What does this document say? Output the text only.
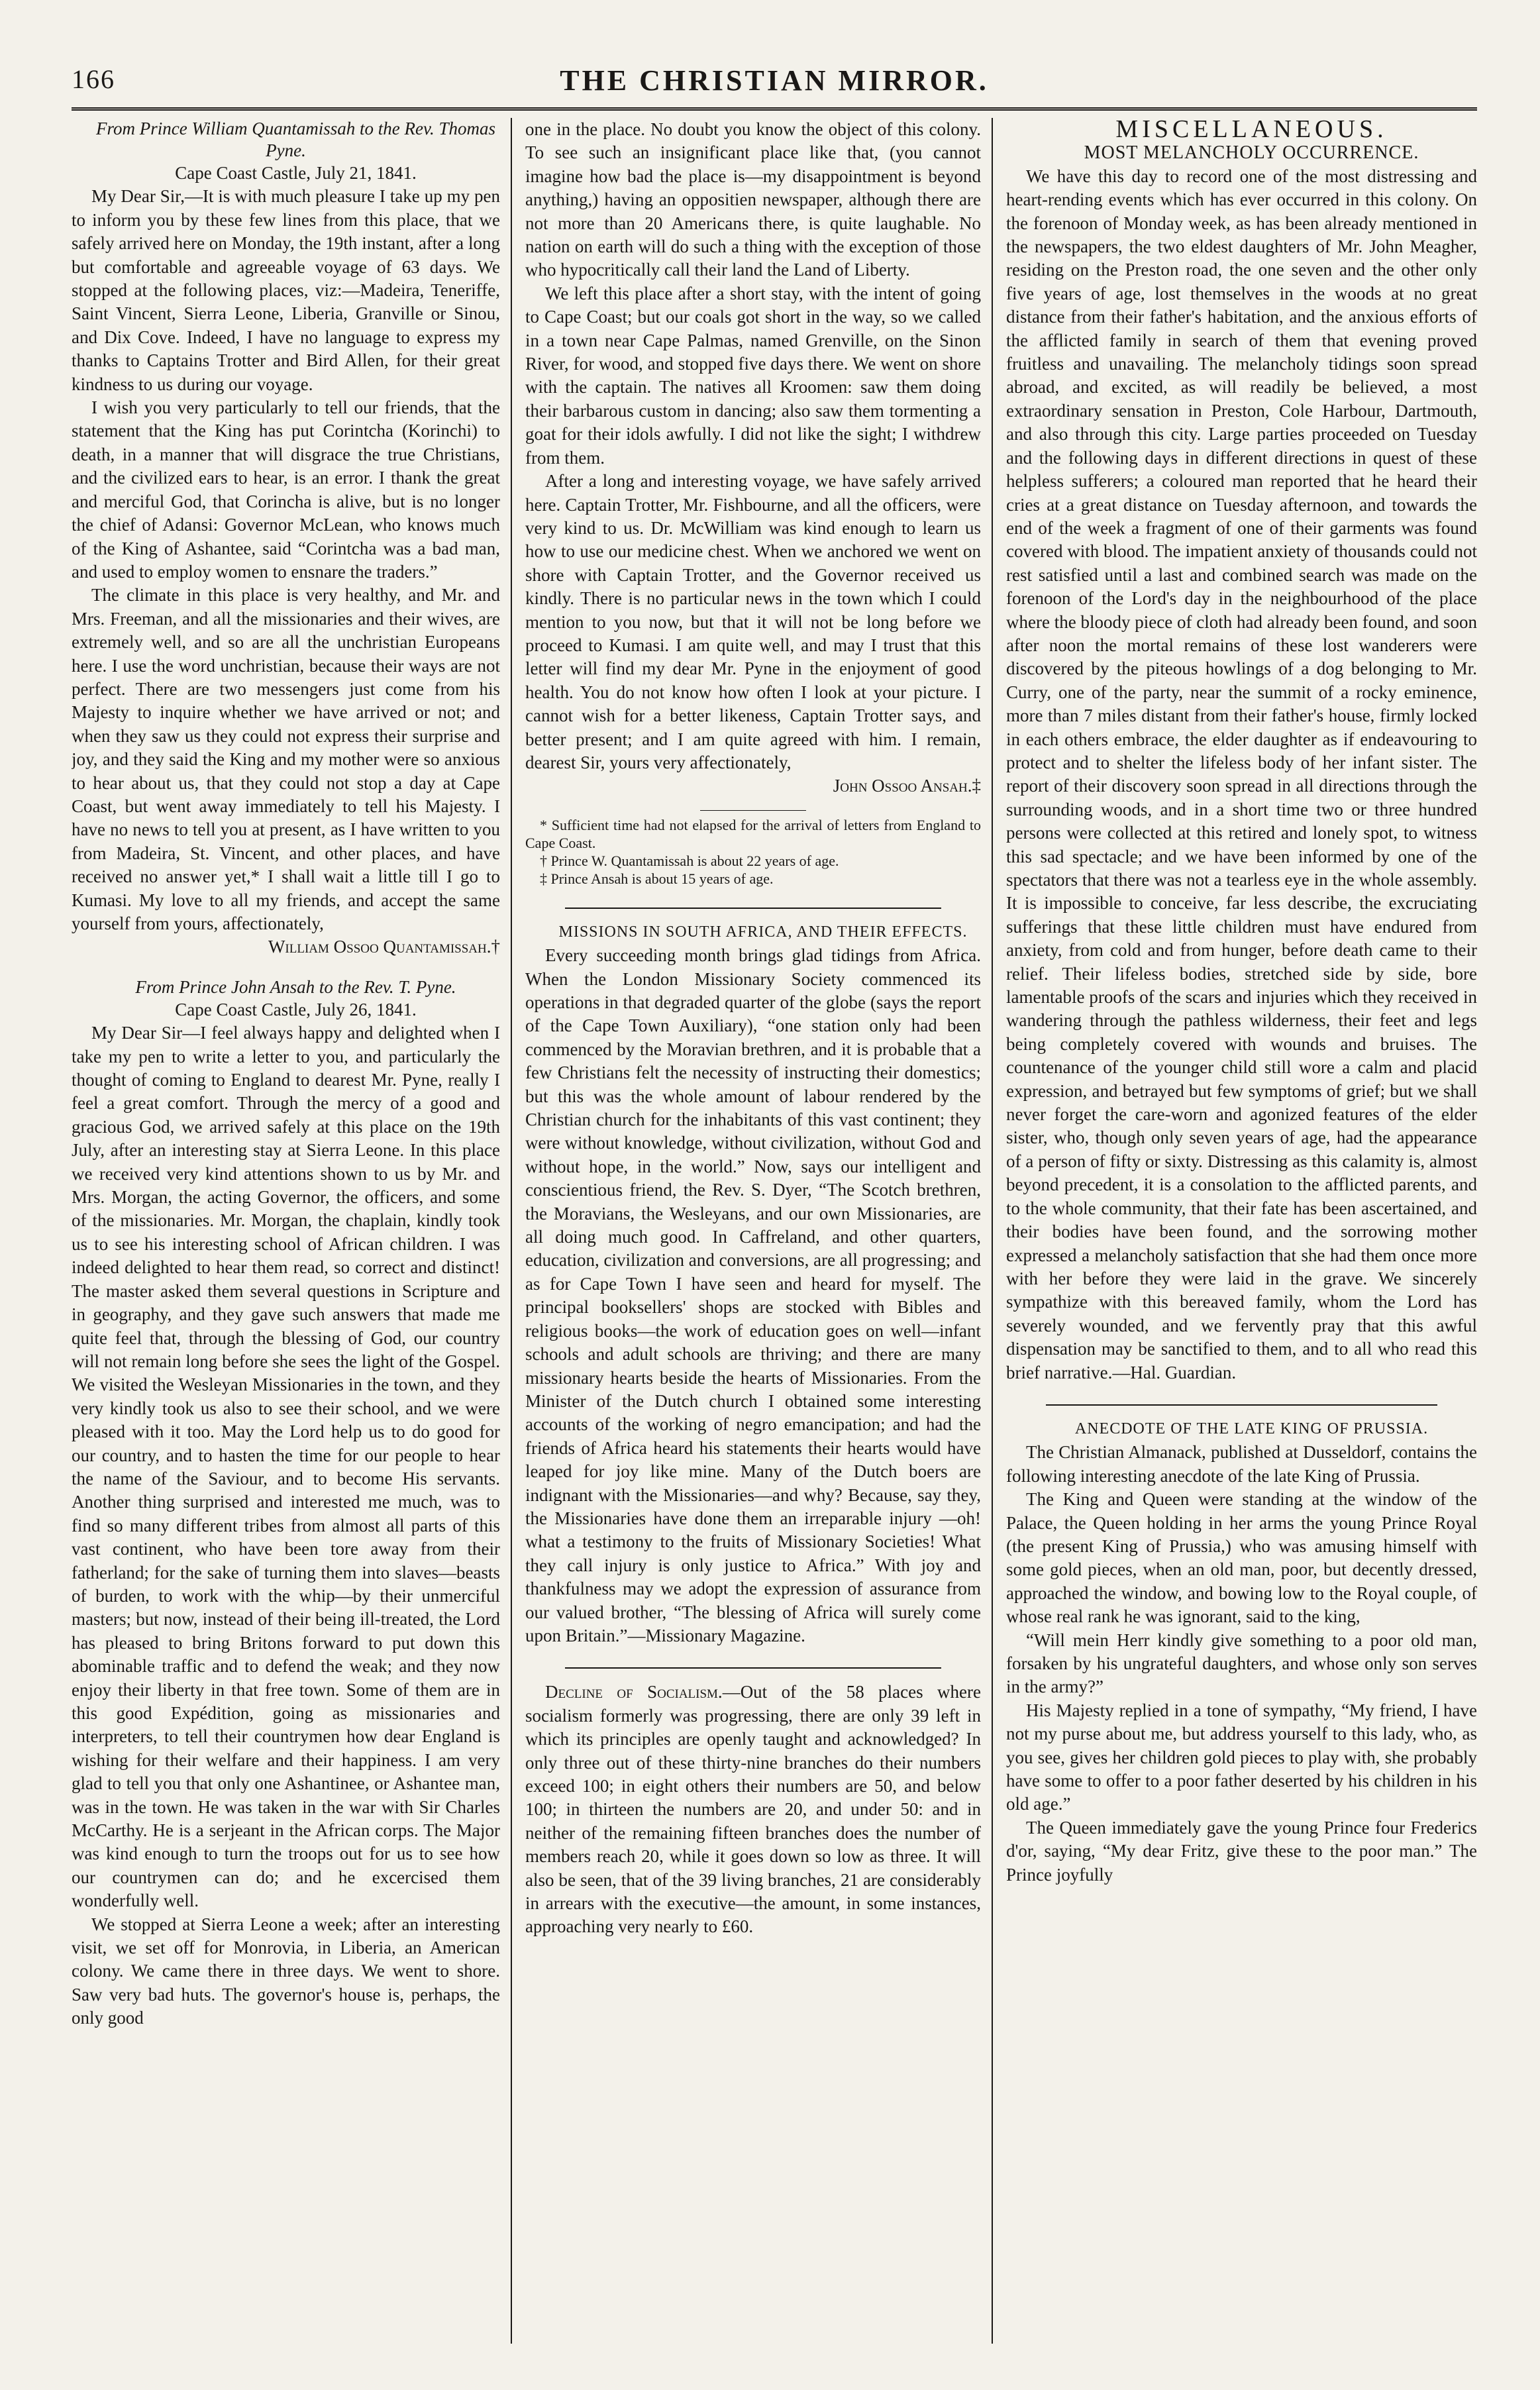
166	THE CHRISTIAN MIRROR.

From Prince William Quantamissah to the Rev. Thomas Pyne.

Cape Coast Castle, July 21, 1841.

My Dear Sir,—It is with much pleasure I take up my pen to inform you by these few lines from this place, that we safely arrived here on Monday, the 19th instant, after a long but comfortable and agreeable voyage of 63 days. We stopped at the following places, viz:—Madeira, Teneriffe, Saint Vincent, Sierra Leone, Liberia, Granville or Sinou, and Dix Cove. Indeed, I have no language to express my thanks to Captains Trotter and Bird Allen, for their great kindness to us during our voyage.

I wish you very particularly to tell our friends, that the statement that the King has put Corintcha (Korinchi) to death, in a manner that will disgrace the true Christians, and the civilized ears to hear, is an error. I thank the great and merciful God, that Corincha is alive, but is no longer the chief of Adansi: Governor McLean, who knows much of the King of Ashantee, said “Corintcha was a bad man, and used to employ women to ensnare the traders.”

The climate in this place is very healthy, and Mr. and Mrs. Freeman, and all the missionaries and their wives, are extremely well, and so are all the unchristian Europeans here. I use the word unchristian, because their ways are not perfect. There are two messengers just come from his Majesty to inquire whether we have arrived or not; and when they saw us they could not express their surprise and joy, and they said the King and my mother were so anxious to hear about us, that they could not stop a day at Cape Coast, but went away immediately to tell his Majesty. I have no news to tell you at present, as I have written to you from Madeira, St. Vincent, and other places, and have received no answer yet,* I shall wait a little till I go to Kumasi. My love to all my friends, and accept the same yourself from yours, affectionately,

William Ossoo Quantamissah.†

From Prince John Ansah to the Rev. T. Pyne.

Cape Coast Castle, July 26, 1841.

My Dear Sir—I feel always happy and delighted when I take my pen to write a letter to you, and particularly the thought of coming to England to dearest Mr. Pyne, really I feel a great comfort. Through the mercy of a good and gracious God, we arrived safely at this place on the 19th July, after an interesting stay at Sierra Leone. In this place we received very kind attentions shown to us by Mr. and Mrs. Morgan, the acting Governor, the officers, and some of the missionaries. Mr. Morgan, the chaplain, kindly took us to see his interesting school of African children. I was indeed delighted to hear them read, so correct and distinct! The master asked them several questions in Scripture and in geography, and they gave such answers that made me quite feel that, through the blessing of God, our country will not remain long before she sees the light of the Gospel. We visited the Wesleyan Missionaries in the town, and they very kindly took us also to see their school, and we were pleased with it too. May the Lord help us to do good for our country, and to hasten the time for our people to hear the name of the Saviour, and to become His servants. Another thing surprised and interested me much, was to find so many different tribes from almost all parts of this vast continent, who have been tore away from their fatherland; for the sake of turning them into slaves—beasts of burden, to work with the whip—by their unmerciful masters; but now, instead of their being ill-treated, the Lord has pleased to bring Britons forward to put down this abominable traffic and to defend the weak; and they now enjoy their liberty in that free town. Some of them are in this good Expédition, going as missionaries and interpreters, to tell their countrymen how dear England is wishing for their welfare and their happiness. I am very glad to tell you that only one Ashantinee, or Ashantee man, was in the town. He was taken in the war with Sir Charles McCarthy. He is a serjeant in the African corps. The Major was kind enough to turn the troops out for us to see how our countrymen can do; and he excercised them wonderfully well.

We stopped at Sierra Leone a week; after an interesting visit, we set off for Monrovia, in Liberia, an American colony. We came there in three days. We went to shore. Saw very bad huts. The governor's house is, perhaps, the only good

one in the place. No doubt you know the object of this colony. To see such an insignificant place like that, (you cannot imagine how bad the place is—my disappointment is beyond anything,) having an oppositien newspaper, although there are not more than 20 Americans there, is quite laughable. No nation on earth will do such a thing with the exception of those who hypocritically call their land the Land of Liberty.

We left this place after a short stay, with the intent of going to Cape Coast; but our coals got short in the way, so we called in a town near Cape Palmas, named Grenville, on the Sinon River, for wood, and stopped five days there. We went on shore with the captain. The natives all Kroomen: saw them doing their barbarous custom in dancing; also saw them tormenting a goat for their idols awfully. I did not like the sight; I withdrew from them.

After a long and interesting voyage, we have safely arrived here. Captain Trotter, Mr. Fishbourne, and all the officers, were very kind to us. Dr. McWilliam was kind enough to learn us how to use our medicine chest. When we anchored we went on shore with Captain Trotter, and the Governor received us kindly. There is no particular news in the town which I could mention to you now, but that it will not be long before we proceed to Kumasi. I am quite well, and may I trust that this letter will find my dear Mr. Pyne in the enjoyment of good health. You do not know how often I look at your picture. I cannot wish for a better likeness, Captain Trotter says, and better present; and I am quite agreed with him. I remain, dearest Sir, yours very affectionately,

John Ossoo Ansah.‡

* Sufficient time had not elapsed for the arrival of letters from England to Cape Coast.

† Prince W. Quantamissah is about 22 years of age.

‡ Prince Ansah is about 15 years of age.

MISSIONS IN SOUTH AFRICA, AND THEIR EFFECTS.

Every succeeding month brings glad tidings from Africa. When the London Missionary Society commenced its operations in that degraded quarter of the globe (says the report of the Cape Town Auxiliary), “one station only had been commenced by the Moravian brethren, and it is probable that a few Christians felt the necessity of instructing their domestics; but this was the whole amount of labour rendered by the Christian church for the inhabitants of this vast continent; they were without knowledge, without civilization, without God and without hope, in the world.” Now, says our intelligent and conscientious friend, the Rev. S. Dyer, “The Scotch brethren, the Moravians, the Wesleyans, and our own Missionaries, are all doing much good. In Caffreland, and other quarters, education, civilization and conversions, are all progressing; and as for Cape Town I have seen and heard for myself. The principal booksellers' shops are stocked with Bibles and religious books—the work of education goes on well—infant schools and adult schools are thriving; and there are many missionary hearts beside the hearts of Missionaries. From the Minister of the Dutch church I obtained some interesting accounts of the working of negro emancipation; and had the friends of Africa heard his statements their hearts would have leaped for joy like mine. Many of the Dutch boers are indignant with the Missionaries—and why? Because, say they, the Missionaries have done them an irreparable injury —oh! what a testimony to the fruits of Missionary Societies! What they call injury is only justice to Africa.” With joy and thankfulness may we adopt the expression of assurance from our valued brother, “The blessing of Africa will surely come upon Britain.”—Missionary Magazine.

Decline of Socialism.—Out of the 58 places where socialism formerly was progressing, there are only 39 left in which its principles are openly taught and acknowledged? In only three out of these thirty-nine branches do their numbers exceed 100; in eight others their numbers are 50, and below 100; in thirteen the numbers are 20, and under 50: and in neither of the remaining fifteen branches does the number of members reach 20, while it goes down so low as three. It will also be seen, that of the 39 living branches, 21 are considerably in arrears with the executive—the amount, in some instances, approaching very nearly to £60.

MISCELLANEOUS.

MOST MELANCHOLY OCCURRENCE.

We have this day to record one of the most distressing and heart-rending events which has ever occurred in this colony. On the forenoon of Monday week, as has been already mentioned in the newspapers, the two eldest daughters of Mr. John Meagher, residing on the Preston road, the one seven and the other only five years of age, lost themselves in the woods at no great distance from their father's habitation, and the anxious efforts of the afflicted family in search of them that evening proved fruitless and unavailing. The melancholy tidings soon spread abroad, and excited, as will readily be believed, a most extraordinary sensation in Preston, Cole Harbour, Dartmouth, and also through this city. Large parties proceeded on Tuesday and the following days in different directions in quest of these helpless sufferers; a coloured man reported that he heard their cries at a great distance on Tuesday afternoon, and towards the end of the week a fragment of one of their garments was found covered with blood. The impatient anxiety of thousands could not rest satisfied until a last and combined search was made on the forenoon of the Lord's day in the neighbourhood of the place where the bloody piece of cloth had already been found, and soon after noon the mortal remains of these lost wanderers were discovered by the piteous howlings of a dog belonging to Mr. Curry, one of the party, near the summit of a rocky eminence, more than 7 miles distant from their father's house, firmly locked in each others embrace, the elder daughter as if endeavouring to protect and to shelter the lifeless body of her infant sister. The report of their discovery soon spread in all directions through the surrounding woods, and in a short time two or three hundred persons were collected at this retired and lonely spot, to witness this sad spectacle; and we have been informed by one of the spectators that there was not a tearless eye in the whole assembly. It is impossible to conceive, far less describe, the excruciating sufferings that these little children must have endured from anxiety, from cold and from hunger, before death came to their relief. Their lifeless bodies, stretched side by side, bore lamentable proofs of the scars and injuries which they received in wandering through the pathless wilderness, their feet and legs being completely covered with wounds and bruises. The countenance of the younger child still wore a calm and placid expression, and betrayed but few symptoms of grief; but we shall never forget the care-worn and agonized features of the elder sister, who, though only seven years of age, had the appearance of a person of fifty or sixty. Distressing as this calamity is, almost beyond precedent, it is a consolation to the afflicted parents, and to the whole community, that their fate has been ascertained, and their bodies have been found, and the sorrowing mother expressed a melancholy satisfaction that she had them once more with her before they were laid in the grave. We sincerely sympathize with this bereaved family, whom the Lord has severely wounded, and we fervently pray that this awful dispensation may be sanctified to them, and to all who read this brief narrative.—Hal. Guardian.

ANECDOTE OF THE LATE KING OF PRUSSIA.

The Christian Almanack, published at Dusseldorf, contains the following interesting anecdote of the late King of Prussia.

The King and Queen were standing at the window of the Palace, the Queen holding in her arms the young Prince Royal (the present King of Prussia,) who was amusing himself with some gold pieces, when an old man, poor, but decently dressed, approached the window, and bowing low to the Royal couple, of whose real rank he was ignorant, said to the king,

“Will mein Herr kindly give something to a poor old man, forsaken by his ungrateful daughters, and whose only son serves in the army?”

His Majesty replied in a tone of sympathy, “My friend, I have not my purse about me, but address yourself to this lady, who, as you see, gives her children gold pieces to play with, she probably have some to offer to a poor father deserted by his children in his old age.”

The Queen immediately gave the young Prince four Frederics d'or, saying, “My dear Fritz, give these to the poor man.” The Prince joyfully
